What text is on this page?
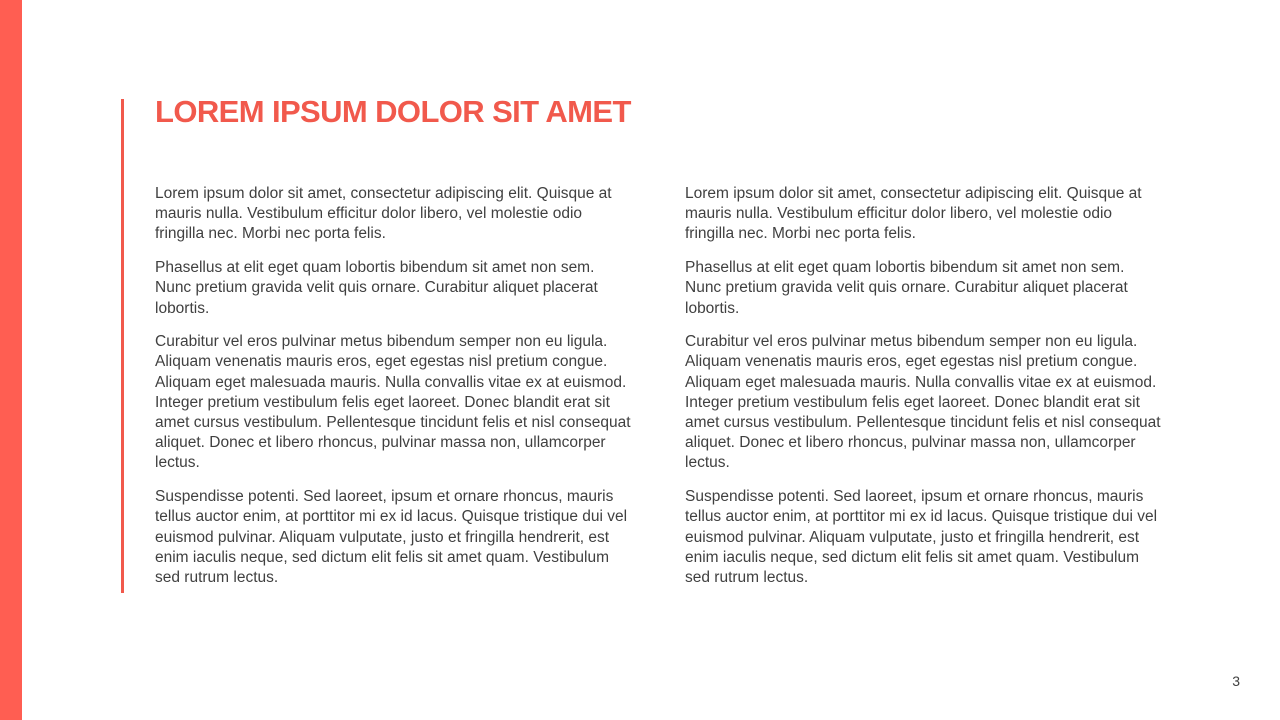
LOREM IPSUM DOLOR SIT AMET

Lorem ipsum dolor sit amet, consectetur adipiscing elit. Quisque at mauris nulla. Vestibulum efficitur dolor libero, vel molestie odio fringilla nec. Morbi nec porta felis.

Phasellus at elit eget quam lobortis bibendum sit amet non sem. Nunc pretium gravida velit quis ornare. Curabitur aliquet placerat lobortis.

Curabitur vel eros pulvinar metus bibendum semper non eu ligula. Aliquam venenatis mauris eros, eget egestas nisl pretium congue. Aliquam eget malesuada mauris. Nulla convallis vitae ex at euismod. Integer pretium vestibulum felis eget laoreet. Donec blandit erat sit amet cursus vestibulum. Pellentesque tincidunt felis et nisl consequat aliquet. Donec et libero rhoncus, pulvinar massa non, ullamcorper lectus.

Suspendisse potenti. Sed laoreet, ipsum et ornare rhoncus, mauris tellus auctor enim, at porttitor mi ex id lacus. Quisque tristique dui vel euismod pulvinar. Aliquam vulputate, justo et fringilla hendrerit, est enim iaculis neque, sed dictum elit felis sit amet quam. Vestibulum sed rutrum lectus.

Lorem ipsum dolor sit amet, consectetur adipiscing elit. Quisque at mauris nulla. Vestibulum efficitur dolor libero, vel molestie odio fringilla nec. Morbi nec porta felis.

Phasellus at elit eget quam lobortis bibendum sit amet non sem. Nunc pretium gravida velit quis ornare. Curabitur aliquet placerat lobortis.

Curabitur vel eros pulvinar metus bibendum semper non eu ligula. Aliquam venenatis mauris eros, eget egestas nisl pretium congue. Aliquam eget malesuada mauris. Nulla convallis vitae ex at euismod. Integer pretium vestibulum felis eget laoreet. Donec blandit erat sit amet cursus vestibulum. Pellentesque tincidunt felis et nisl consequat aliquet. Donec et libero rhoncus, pulvinar massa non, ullamcorper lectus.

Suspendisse potenti. Sed laoreet, ipsum et ornare rhoncus, mauris tellus auctor enim, at porttitor mi ex id lacus. Quisque tristique dui vel euismod pulvinar. Aliquam vulputate, justo et fringilla hendrerit, est enim iaculis neque, sed dictum elit felis sit amet quam. Vestibulum sed rutrum lectus.

3
